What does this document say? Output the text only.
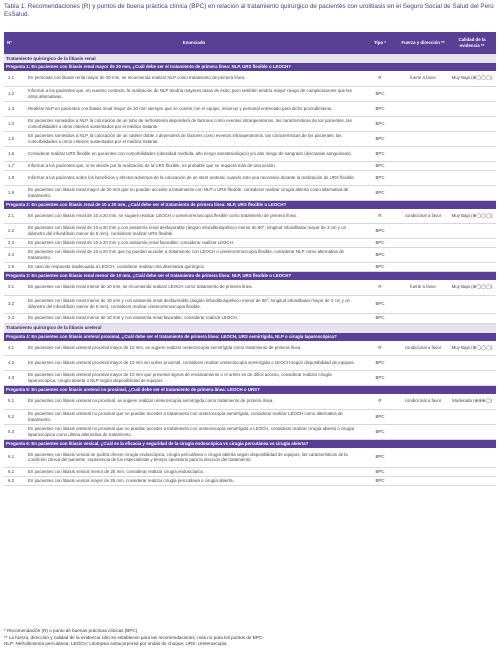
Tabla 1. Recomendaciones (R) y puntos de buena práctica clínica (BPC) en relación al tratamiento quirúrgico de pacientes con urolitiasis en el Seguro Social de Salud del Perú EsSalud.
N°	Enunciado	Tipo *	Fuerza y dirección **	Calidad de la evidencia **
Tratamiento quirúrgico de la litiasis renal				
Pregunta 1: En pacientes con litiasis renal mayor de 20 mm, ¿Cuál debe ser el tratamiento de primera línea: NLP, URS flexible o LEOCH?				
1.1	En personas con litiasis renal mayor de 20 mm, se recomienda realizar NLP como tratamiento de primera línea.	R	fuerte a favor	Muy Baja (⊕◯◯◯)
1.2	Informar a los pacientes que, en nuestro contexto, la realización de NLP tendría mayores tasas de éxito, pero también tendría mayor riesgo de complicaciones que las otras alternativas.	BPC		
1.3	Realizar NLP en pacientes con litiasis renal mayor de 20 mm siempre que se cuente con el equipo, insumos y personal entrenado para dicho procedimiento.	BPC		
1.4	En pacientes sometidos a NLP, la colocación de un tubo de nefrostomía dependerá de factores como eventos intraoperatorios, las características de los pacientes, las comorbilidades u otros criterios sustentados por el médico tratante.	BPC		
1.5	En pacientes sometidos a NLP, la colocación de un catéter doble J dependerá de factores como eventos intraoperatorios, las características de los pacientes, las comorbilidades u otros criterios sustentados por el médico tratante.	BPC		
1.6	Considerar realizar URS flexible en pacientes con comorbilidades (obesidad mórbida, alto riesgo anestesiológico) y/o alto riesgo de sangrado (discrasias sanguíneas).	BPC		
1.7	Informar a los pacientes que, si se decide por la realización de la URS flexible, es probable que se requiera más de una sesión.	BPC		
1.8	Informar a los pacientes sobre los beneficios y efectos adversos de la colocación de un stent ureteral, cuando esto sea necesario durante la realización de URS flexible.	BPC		
1.9	En pacientes con litiasis renal mayor de 20 mm que no puedan acceder a tratamiento con NLP o URS flexible, considerar realizar cirugía abierta como alternativa de tratamiento.	BPC		
Pregunta 2: En pacientes con litiasis renal de 10 a 20 mm, ¿Cuál debe ser el tratamiento de primera línea: NLP, URS flexible o LEOCH?				
2.1	En pacientes con litiasis renal de 10 a 20 mm, se sugiere realizar LEOCH o ureterorrenoscopia flexible como tratamiento de primera línea.	R	condicional a favor	Muy Baja (⊕◯◯◯)
2.2	En pacientes con litiasis renal de 10 a 20 mm y con anatomía renal desfavorable (ángulo infundibulopélvico menor de 90°, longitud infundibular mayor de 3 cm y un diámetro del infundíbulo menor de 5 mm), considerar realizar URS flexible.	BPC		
2.3	En pacientes con litiasis renal de 10 a 20 mm y con anatomía renal favorable, considerar realizar LEOCH.	BPC		
2.4	En pacientes con litiasis renal de 10 a 20 mm que no puedan acceder a tratamiento con LEOCH o ureterorrenoscopia flexible, considerar NLP como alternativa de tratamiento.	BPC		
2.5	En caso de respuesta inadecuada a LEOCH, considerar realizar otra alternativa quirúrgica.	BPC		
Pregunta 3: En pacientes con litiasis renal menor de 10 mm, ¿Cuál debe ser el tratamiento de primera línea: NLP, URS flexible o LEOCH?				
3.1	En pacientes con litiasis renal menor de 10 mm, se recomienda realizar LEOCH como tratamiento de primera línea.	R	fuerte a favor	Muy Baja (⊕◯◯◯)
3.2	En pacientes con litiasis renal menor de 10 mm y con anatomía renal desfavorable (ángulo infundibulopélvico menor de 90°, longitud infundibular mayor de 3 cm y un diámetro del infundíbulo menor de 5 mm), considerar realizar ureterorrenoscopia flexible.	BPC		
3.3	En pacientes con litiasis renal menor de 10 mm y con anatomía renal favorable, considerar realizar LEOCH.	BPC		
Tratamiento quirúrgico de la litiasis ureteral				
Pregunta 4: En pacientes con litiasis ureteral proximal, ¿Cuál debe ser el tratamiento de primera línea: LEOCH, URS semirrígida, NLP o cirugía laparoscópica?				
4.1	En pacientes con litiasis ureteral proximal mayor de 10 mm, se sugiere realizar ureteroscopía semirrígida como tratamiento de primera línea.	R	condicional a favor	Muy Baja (⊕◯◯◯)
4.2	En pacientes con litiasis ureteral proximal mayor de 10 mm sin uréter proximal, considerar realizar ureteroscopía semirrígida o LEOCH según disponibilidad de equipos.	BPC		
4.3	En pacientes con litiasis ureteral proximal mayor de 10 mm que presenta signos de enclavamiento o el uréter es de difícil acceso, considerar realizar cirugía laparoscópica, cirugía abierta o NLP según disponibilidad de equipos.	BPC		
Pregunta 5: En pacientes con litiasis ureteral no proximal, ¿Cuál debe ser el tratamiento de primera línea: LEOCH o URS?				
5.1	En pacientes con litiasis ureteral no proximal, se sugiere realizar ureteroscopía semirrígida como tratamiento de primera línea.	R	condicional a favor	Moderada (⊕⊕⊕◯)
5.2	En pacientes con litiasis ureteral no proximal que no puedan acceder a tratamiento con ureteroscopía semirrígida, considerar realizar LEOCH como alternativa de tratamiento.	BPC		
5.3	En pacientes con litiasis ureteral no proximal que no puedan acceder a tratamiento con ureteroscopía semirrígida o LEOCH, considerar realizar cirugía abierta o cirugía laparoscópica como última alternativa de tratamiento.	BPC		
Pregunta 6: En pacientes con litiasis vesical, ¿Cuál es la eficacia y seguridad de la cirugía endoscópica vs cirugía percutánea vs cirugía abierta?				
6.1	En pacientes con litiasis vesical se podría ofrecer cirugía endoscópica, cirugía percutánea o cirugía abierta según disponibilidad de equipos, las características de la condición clínica del paciente, experiencia de los especialistas y tiempo operatorio para la elección del tratamiento.	BPC		
6.2	En pacientes con litiasis vesical menor de 25 mm, considerar realizar cirugía endoscópica.	BPC		
6.3	En pacientes con litiasis vesical mayor de 25 mm, considerar realizar cirugía percutánea o cirugía abierta.	BPC		
* Recomendación (R) o punto de buenas prácticas clínicas (BPC)
** La fuerza, dirección y calidad de la evidencia sólo se establecen para las recomendaciones, mas no para los puntos de BPC
NLP: Nefrolitotomía percutánea; LEOCH: Litotripsia extracorpórea por ondas de choque; URS: Ureteroscopia
